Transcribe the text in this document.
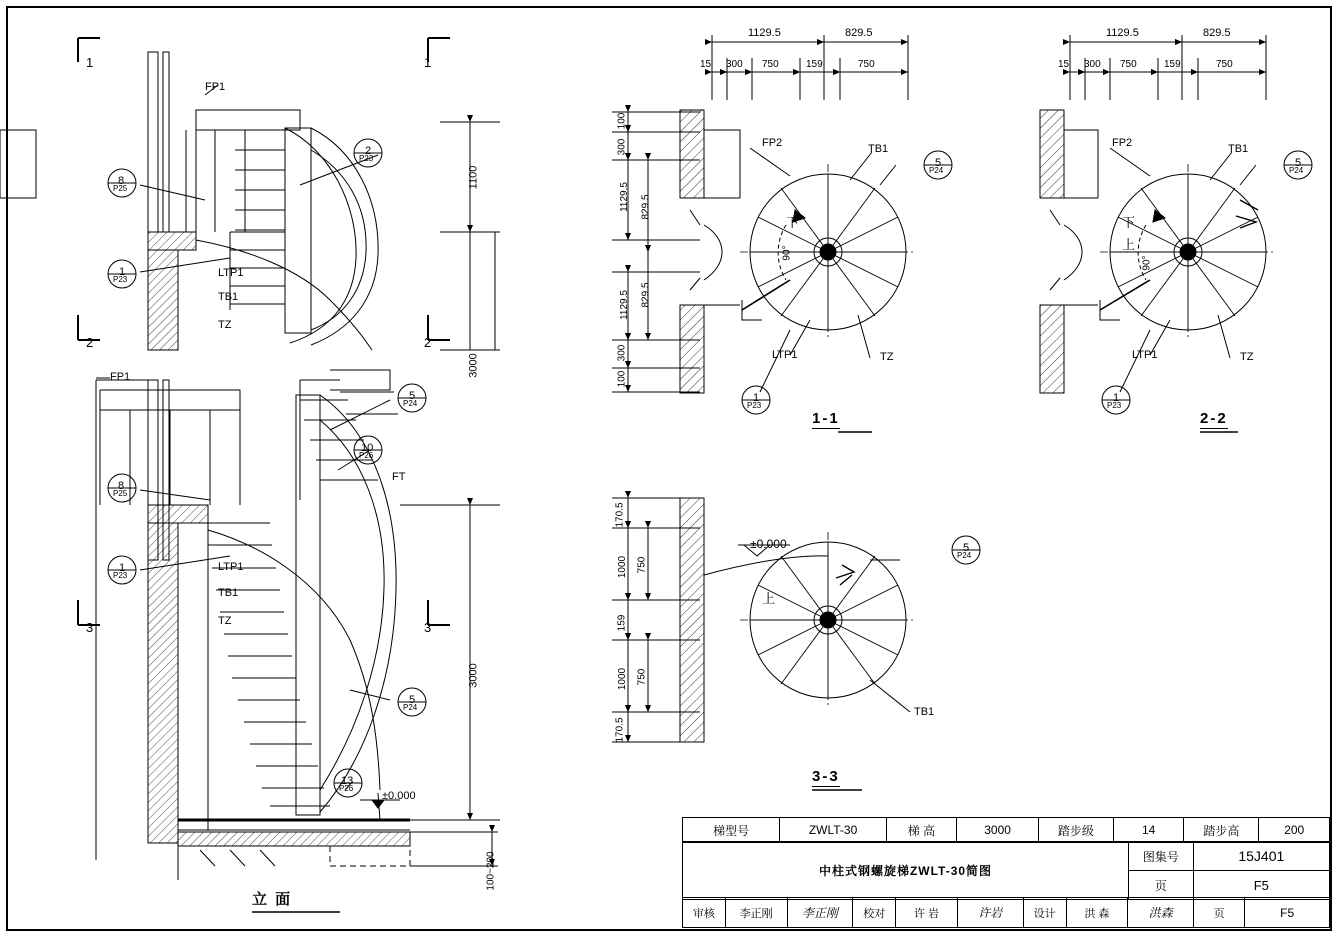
1	1
2	2
3	3
FP1
LTP1
TB1
TZ
FP1
LTP1
TB1
TZ
FT
1100
3000
3000
100~200
±0.000
立 面
8
P25
1
P23
2
P23
8
P25
1
P23
5
P24
5
P24
10
P26
13
P26
1129.5	829.5
15 300 750	159	750
100
300
1129.5 829.5
829.5
1129.5
300
100
FP2	TB1
LTP1	TZ
下
90°
1-1
5
P24
1
P23
1129.5	829.5
15 300 750	159	750
FP2	TB1
LTP1	TZ
下
上
90°
2-2
5
P24
1
P23
170.5
1000
159
1000
170.5
750
750
±0.000
上
TB1
3-3
5
P24
梯型号	ZWLT-30	梯 高	3000	踏步级	14	踏步高	200
中柱式钢螺旋梯ZWLT-30简图	图集号	15J401
	页	F5
审核	李正刚	李正刚	校对	许 岩	许岩	设计	洪 森	洪森	页	F5
